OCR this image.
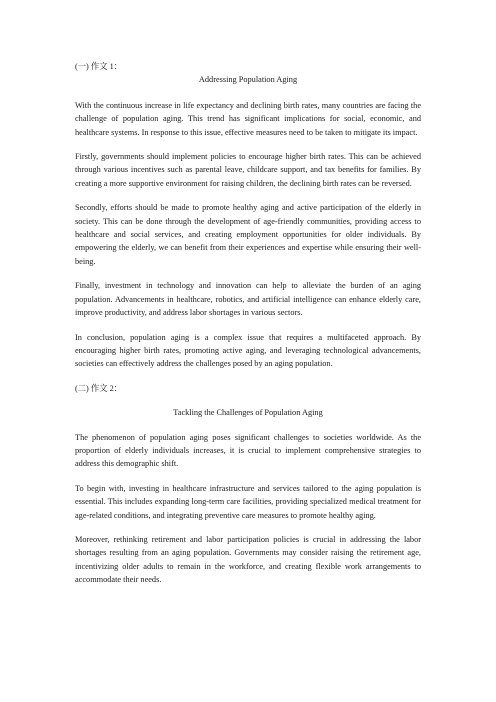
(一) 作文 1：

Addressing Population Aging

With the continuous increase in life expectancy and declining birth rates, many countries are facing the challenge of population aging. This trend has significant implications for social, economic, and healthcare systems. In response to this issue, effective measures need to be taken to mitigate its impact.

Firstly, governments should implement policies to encourage higher birth rates. This can be achieved through various incentives such as parental leave, childcare support, and tax benefits for families. By creating a more supportive environment for raising children, the declining birth rates can be reversed.

Secondly, efforts should be made to promote healthy aging and active participation of the elderly in society. This can be done through the development of age-friendly communities, providing access to healthcare and social services, and creating employment opportunities for older individuals. By empowering the elderly, we can benefit from their experiences and expertise while ensuring their well-being.

Finally, investment in technology and innovation can help to alleviate the burden of an aging population. Advancements in healthcare, robotics, and artificial intelligence can enhance elderly care, improve productivity, and address labor shortages in various sectors.

In conclusion, population aging is a complex issue that requires a multifaceted approach. By encouraging higher birth rates, promoting active aging, and leveraging technological advancements, societies can effectively address the challenges posed by an aging population.

(二) 作文 2：

Tackling the Challenges of Population Aging

The phenomenon of population aging poses significant challenges to societies worldwide. As the proportion of elderly individuals increases, it is crucial to implement comprehensive strategies to address this demographic shift.

To begin with, investing in healthcare infrastructure and services tailored to the aging population is essential. This includes expanding long-term care facilities, providing specialized medical treatment for age-related conditions, and integrating preventive care measures to promote healthy aging.

Moreover, rethinking retirement and labor participation policies is crucial in addressing the labor shortages resulting from an aging population. Governments may consider raising the retirement age, incentivizing older adults to remain in the workforce, and creating flexible work arrangements to accommodate their needs.
